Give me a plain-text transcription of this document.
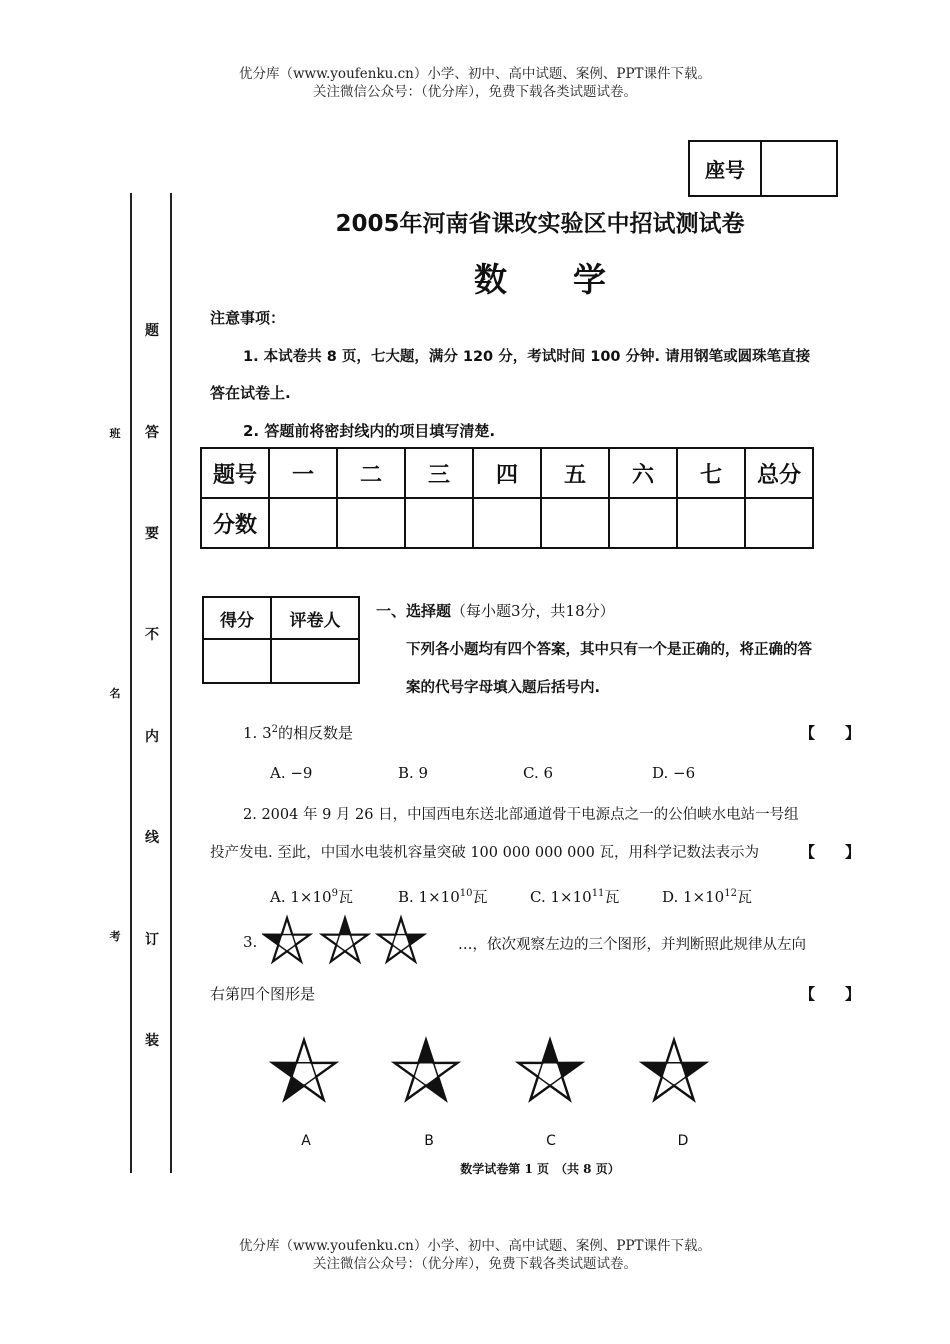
优分库（www.youfenku.cn）小学、初中、高中试题、案例、PPT课件下载。
关注微信公众号：（优分库），免费下载各类试题试卷。
座号
班
名
考
题
答
要
不
内
线
订
装
2005年河南省课改实验区中招试测试卷
数　　学
注意事项：
1. 本试卷共 8 页，七大题，满分 120 分，考试时间 100 分钟. 请用钢笔或圆珠笔直接
答在试卷上.
2. 答题前将密封线内的项目填写清楚.
题号	一	二	三	四	五	六	七	总分
分数								
得分	评卷人
	一、选择题（每小题3分，共18分）
下列各小题均有四个答案，其中只有一个是正确的，将正确的答
案的代号字母填入题后括号内.
1. $3^2$的相反数是	【　　】
A. −9	B. 9	C. 6	D. −6
2. 2004 年 9 月 26 日，中国西电东送北部通道骨干电源点之一的公伯峡水电站一号组
投产发电. 至此，中国水电装机容量突破 100 000 000 000 瓦，用科学记数法表示为	【　　】
A. $1\times 10^9$瓦	B. $1\times 10^{10}$瓦	C. $1\times 10^{11}$瓦	D. $1\times 10^{12}$瓦
3.	…，依次观察左边的三个图形，并判断照此规律从左向
右第四个图形是	【　　】
A	B	C	D
数学试卷第 1 页　（共 8 页）
优分库（www.youfenku.cn）小学、初中、高中试题、案例、PPT课件下载。
关注微信公众号：（优分库），免费下载各类试题试卷。
